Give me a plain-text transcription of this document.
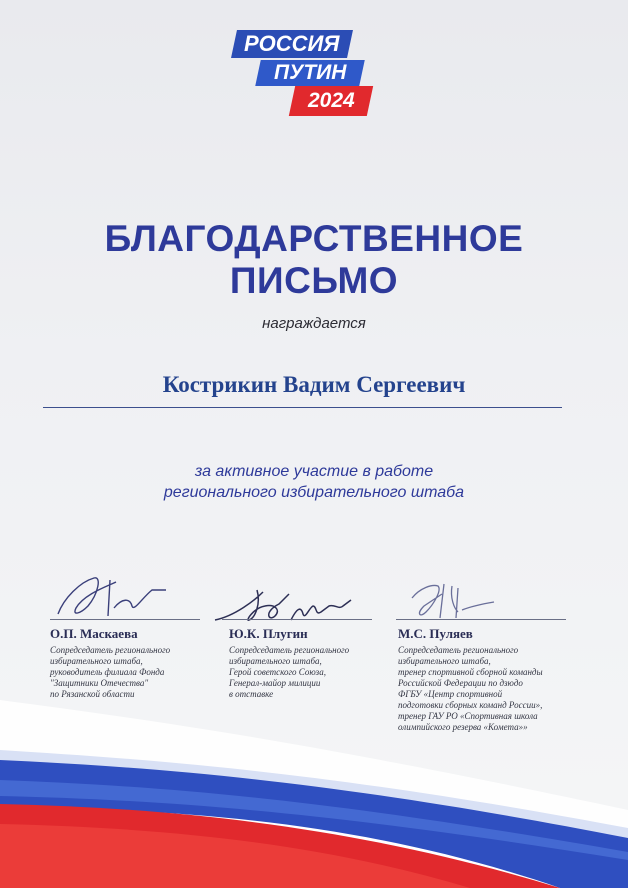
РОССИЯ
ПУТИН
2024
БЛАГОДАРСТВЕННОЕ
ПИСЬМО
награждается
Кострикин Вадим Сергеевич
за активное участие в работе
регионального избирательного штаба
О.П. Маскаева
Сопредседатель регионального
избирательного штаба,
руководитель филиала Фонда
"Защитники Отечества"
по Рязанской области
Ю.К. Плугин
Сопредседатель регионального
избирательного штаба,
Герой советского Союза,
Генерал-майор милиции
в отставке
М.С. Пуляев
Сопредседатель регионального
избирательного штаба,
тренер спортивной сборной команды
Российской Федерации по дзюдо
ФГБУ «Центр спортивной
подготовки сборных команд России»,
тренер ГАУ РО «Спортивная школа
олимпийского резерва «Комета»»
